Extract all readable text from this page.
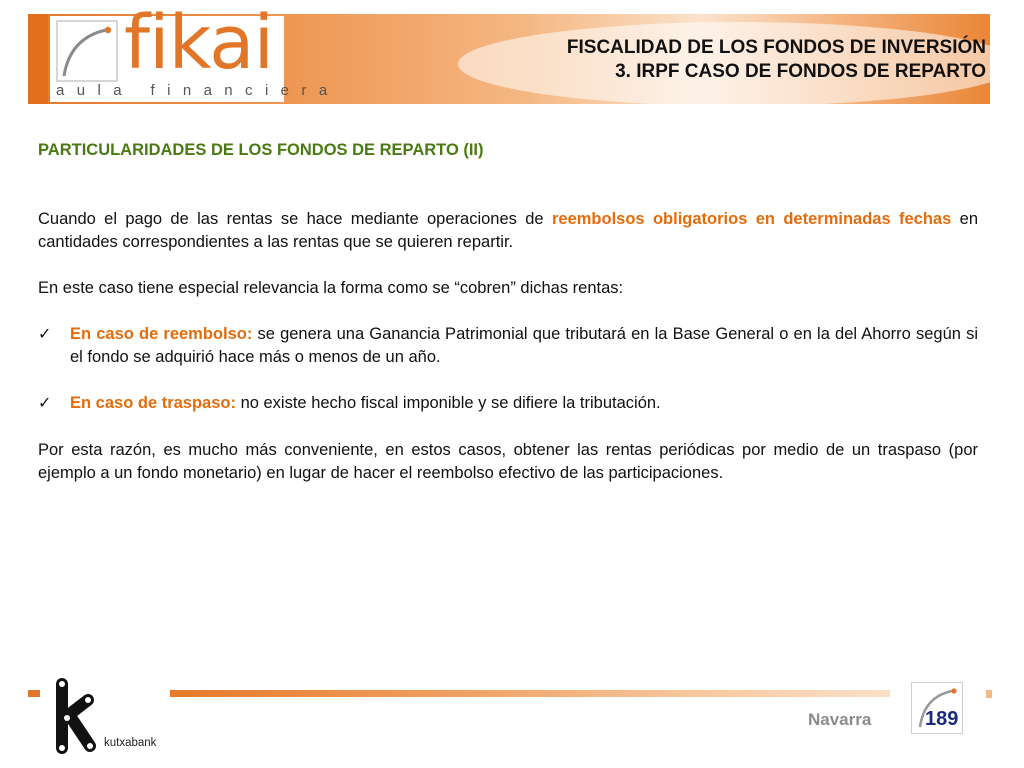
fikai
aula financiera
FISCALIDAD DE LOS FONDOS DE INVERSIÓN
3. IRPF CASO DE FONDOS DE REPARTO
PARTICULARIDADES DE LOS FONDOS DE REPARTO (II)

Cuando el pago de las rentas se hace mediante operaciones de reembolsos obligatorios en determinadas fechas en cantidades correspondientes a las rentas que se quieren repartir.

En este caso tiene especial relevancia la forma como se “cobren” dichas rentas:

✓ En caso de reembolso: se genera una Ganancia Patrimonial que tributará en la Base General o en la del Ahorro según si el fondo se adquirió hace más o menos de un año.
✓ En caso de traspaso: no existe hecho fiscal imponible y se difiere la tributación.

Por esta razón, es mucho más conveniente, en estos casos, obtener las rentas periódicas por medio de un traspaso (por ejemplo a un fondo monetario) en lugar de hacer el reembolso efectivo de las participaciones.

kutxabank
Navarra	189
